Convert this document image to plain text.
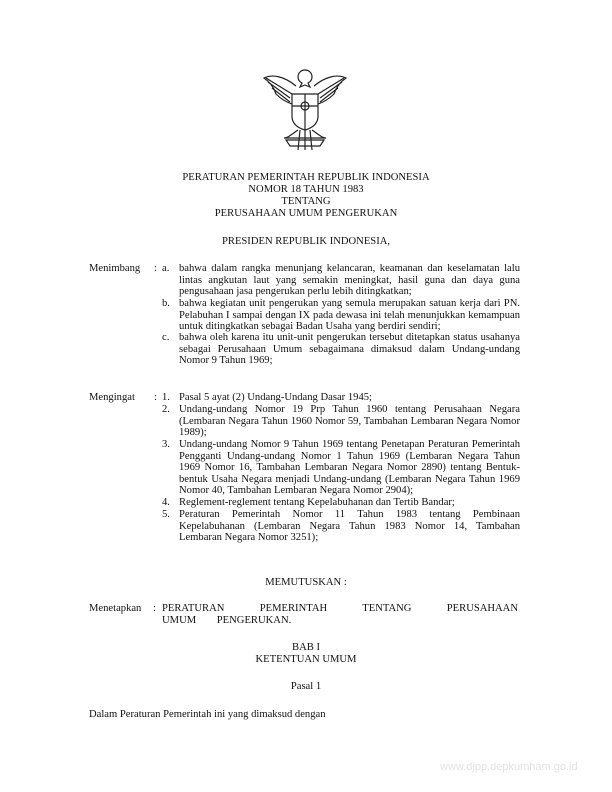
PERATURAN PEMERINTAH REPUBLIK INDONESIA
NOMOR 18 TAHUN 1983
TENTANG
PERUSAHAAN UMUM PENGERUKAN
PRESIDEN REPUBLIK INDONESIA,
Menimbang : a. bahwa dalam rangka menunjang kelancaran, keamanan dan keselamatan lalu lintas angkutan laut yang semakin meningkat, hasil guna dan daya guna pengusahaan jasa pengerukan perlu lebih ditingkatkan;
b. bahwa kegiatan unit pengerukan yang semula merupakan satuan kerja dari PN. Pelabuhan I sampai dengan IX pada dewasa ini telah menunjukkan kemampuan untuk ditingkatkan sebagai Badan Usaha yang berdiri sendiri;
c. bahwa oleh karena itu unit-unit pengerukan tersebut ditetapkan status usahanya sebagai Perusahaan Umum sebagaimana dimaksud dalam Undang-undang Nomor 9 Tahun 1969;
Mengingat : 1. Pasal 5 ayat (2) Undang-Undang Dasar 1945;
2. Undang-undang Nomor 19 Prp Tahun 1960 tentang Perusahaan Negara (Lembaran Negara Tahun 1960 Nomor 59, Tambahan Lembaran Negara Nomor 1989);
3. Undang-undang Nomor 9 Tahun 1969 tentang Penetapan Peraturan Pemerintah Pengganti Undang-undang Nomor 1 Tahun 1969 (Lembaran Negara Tahun 1969 Nomor 16, Tambahan Lembaran Negara Nomor 2890) tentang Bentuk-bentuk Usaha Negara menjadi Undang-undang (Lembaran Negara Tahun 1969 Nomor 40, Tambahan Lembaran Negara Nomor 2904);
4. Reglement-reglement tentang Kepelabuhanan dan Tertib Bandar;
5. Peraturan Pemerintah Nomor 11 Tahun 1983 tentang Pembinaan Kepelabuhanan (Lembaran Negara Tahun 1983 Nomor 14, Tambahan Lembaran Negara Nomor 3251);
MEMUTUSKAN :
Menetapkan : PERATURAN PEMERINTAH TENTANG PERUSAHAAN UMUM PENGERUKAN.
BAB I
KETENTUAN UMUM
Pasal 1
Dalam Peraturan Pemerintah ini yang dimaksud dengan
www.djpp.depkumham.go.id
